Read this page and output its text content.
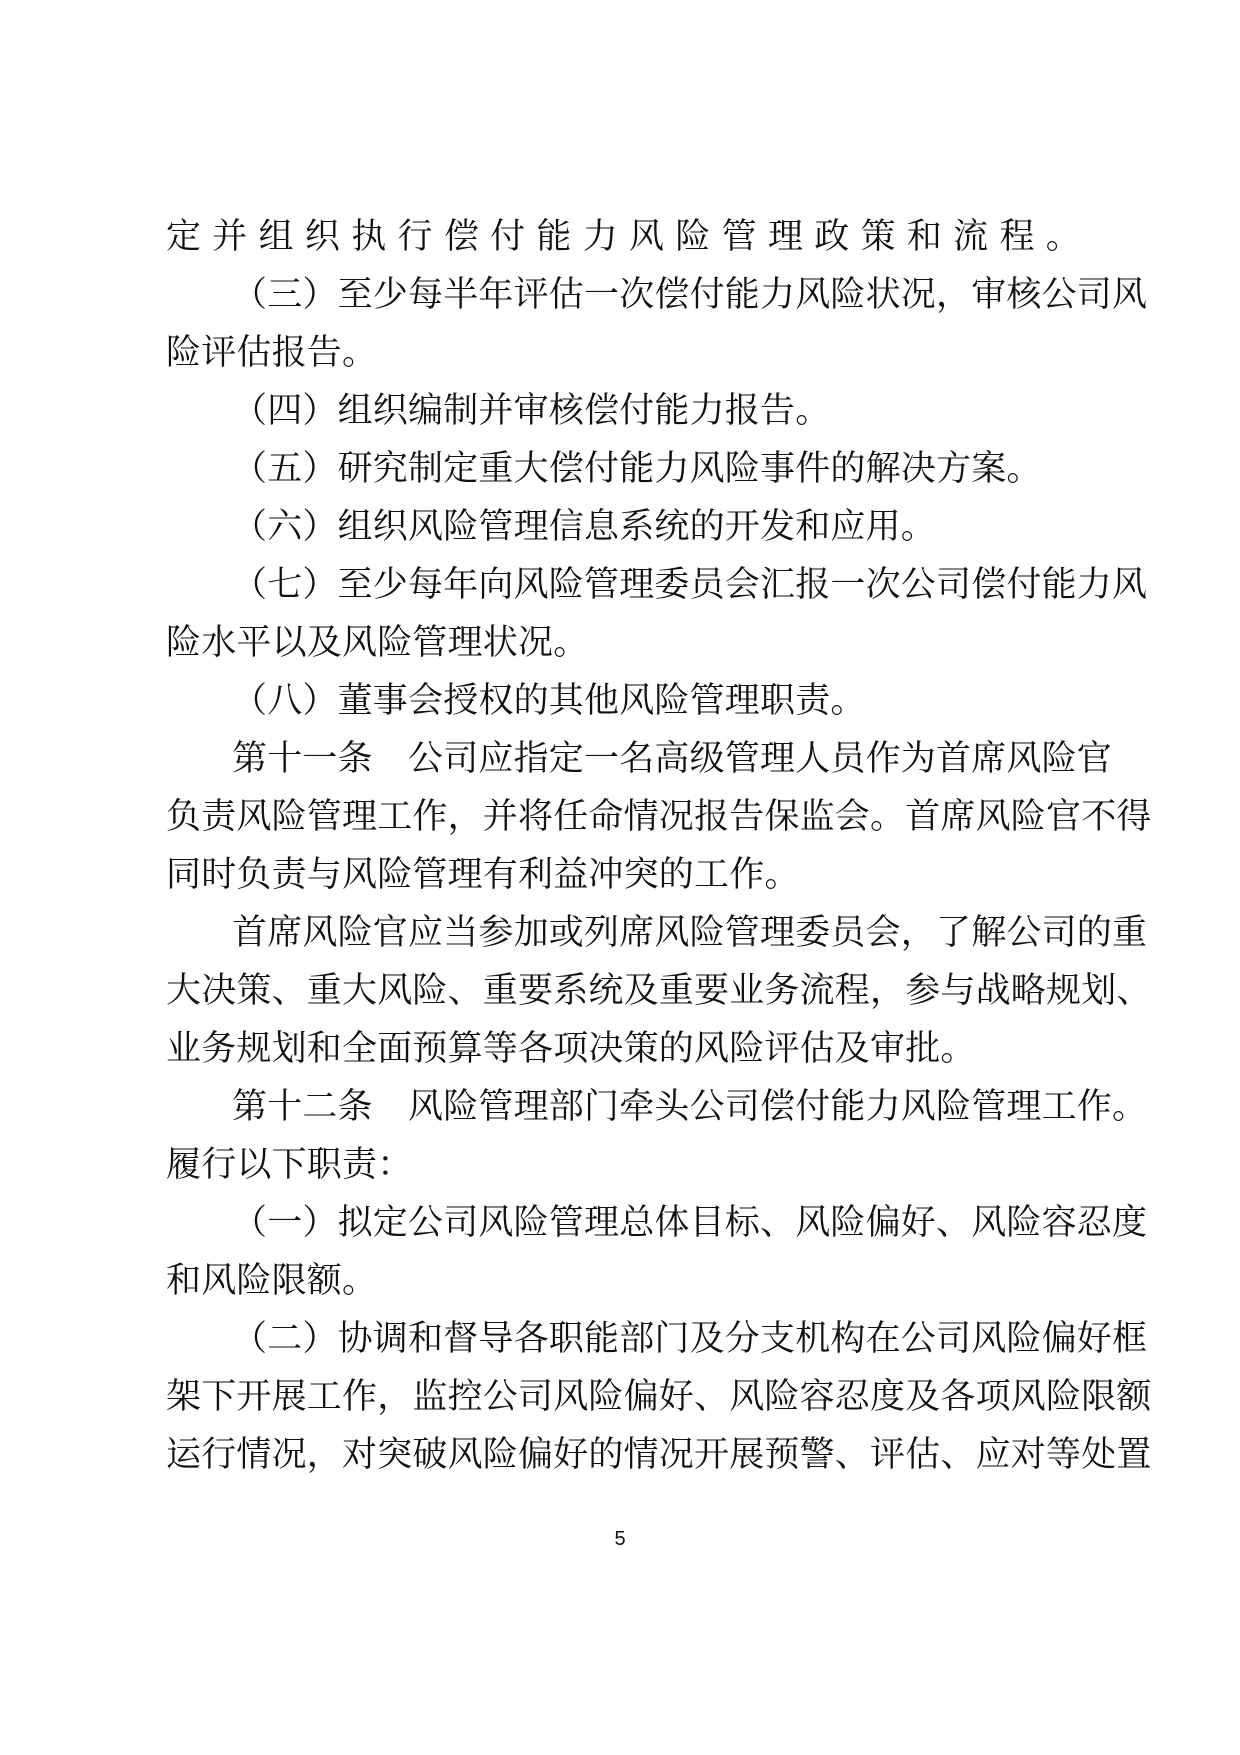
定并组织执行偿付能力风险管理政策和流程。
（三）至少每半年评估一次偿付能力风险状况，审核公司风
险评估报告。
（四）组织编制并审核偿付能力报告。
（五）研究制定重大偿付能力风险事件的解决方案。
（六）组织风险管理信息系统的开发和应用。
（七）至少每年向风险管理委员会汇报一次公司偿付能力风
险水平以及风险管理状况。
（八）董事会授权的其他风险管理职责。
第十一条　公司应指定一名高级管理人员作为首席风险官
负责风险管理工作，并将任命情况报告保监会。首席风险官不得
同时负责与风险管理有利益冲突的工作。
首席风险官应当参加或列席风险管理委员会，了解公司的重
大决策、重大风险、重要系统及重要业务流程，参与战略规划、
业务规划和全面预算等各项决策的风险评估及审批。
第十二条　风险管理部门牵头公司偿付能力风险管理工作。
履行以下职责：
（一）拟定公司风险管理总体目标、风险偏好、风险容忍度
和风险限额。
（二）协调和督导各职能部门及分支机构在公司风险偏好框
架下开展工作，监控公司风险偏好、风险容忍度及各项风险限额
运行情况，对突破风险偏好的情况开展预警、评估、应对等处置
5
